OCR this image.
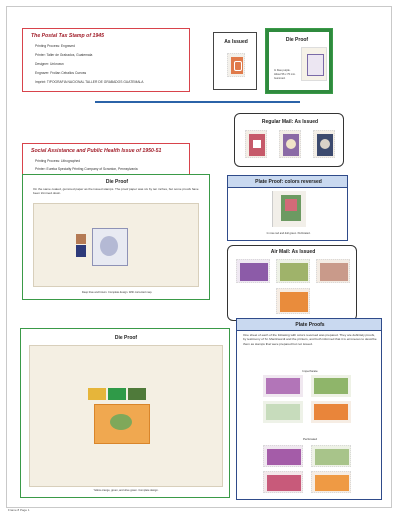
The Postal Tax Stamp of 1945
Printing Process: Engraved
Printer: Taller de Grabados, Guatemala
Designer: Unknown
Engraver: Froilan Ceballos Cuevas
Imprint: TIPOGRAFIA NACIONAL TALLER DE GRABADOS GUATEMALA
As Issued	Die Proof
In blue purple.
About 56 x 70 mm.
Gummed.
Social Assistance and Public Health Issue of 1950-51
Printing Process: Lithographed
Printer: Eureka Specialty Printing Company of Scranton, Pennsylvania
Regular Mail: As Issued
Die Proof
On the same coated, gummed paper as the issued stamps. The proof paper was six by ten inches, but some proofs have been trimmed down.
Deep blue and brown. Complete design. With corrected map.
Plate Proof: colors reversed
In rose red and dull green. Perforated.
Air Mail: As Issued
Die Proof
Yellow orange, green, and olive green. Complete design.
Plate Proofs
One sheet of each of the following with colors reversed was prepared. They are definitely proofs, by testimony of Sr. Marckwordt and the printers, and both informed that it is erroneous to describe them as stamps that were prepared but not issued.
Imperforate
Perforated
Frame 8 Page 1
